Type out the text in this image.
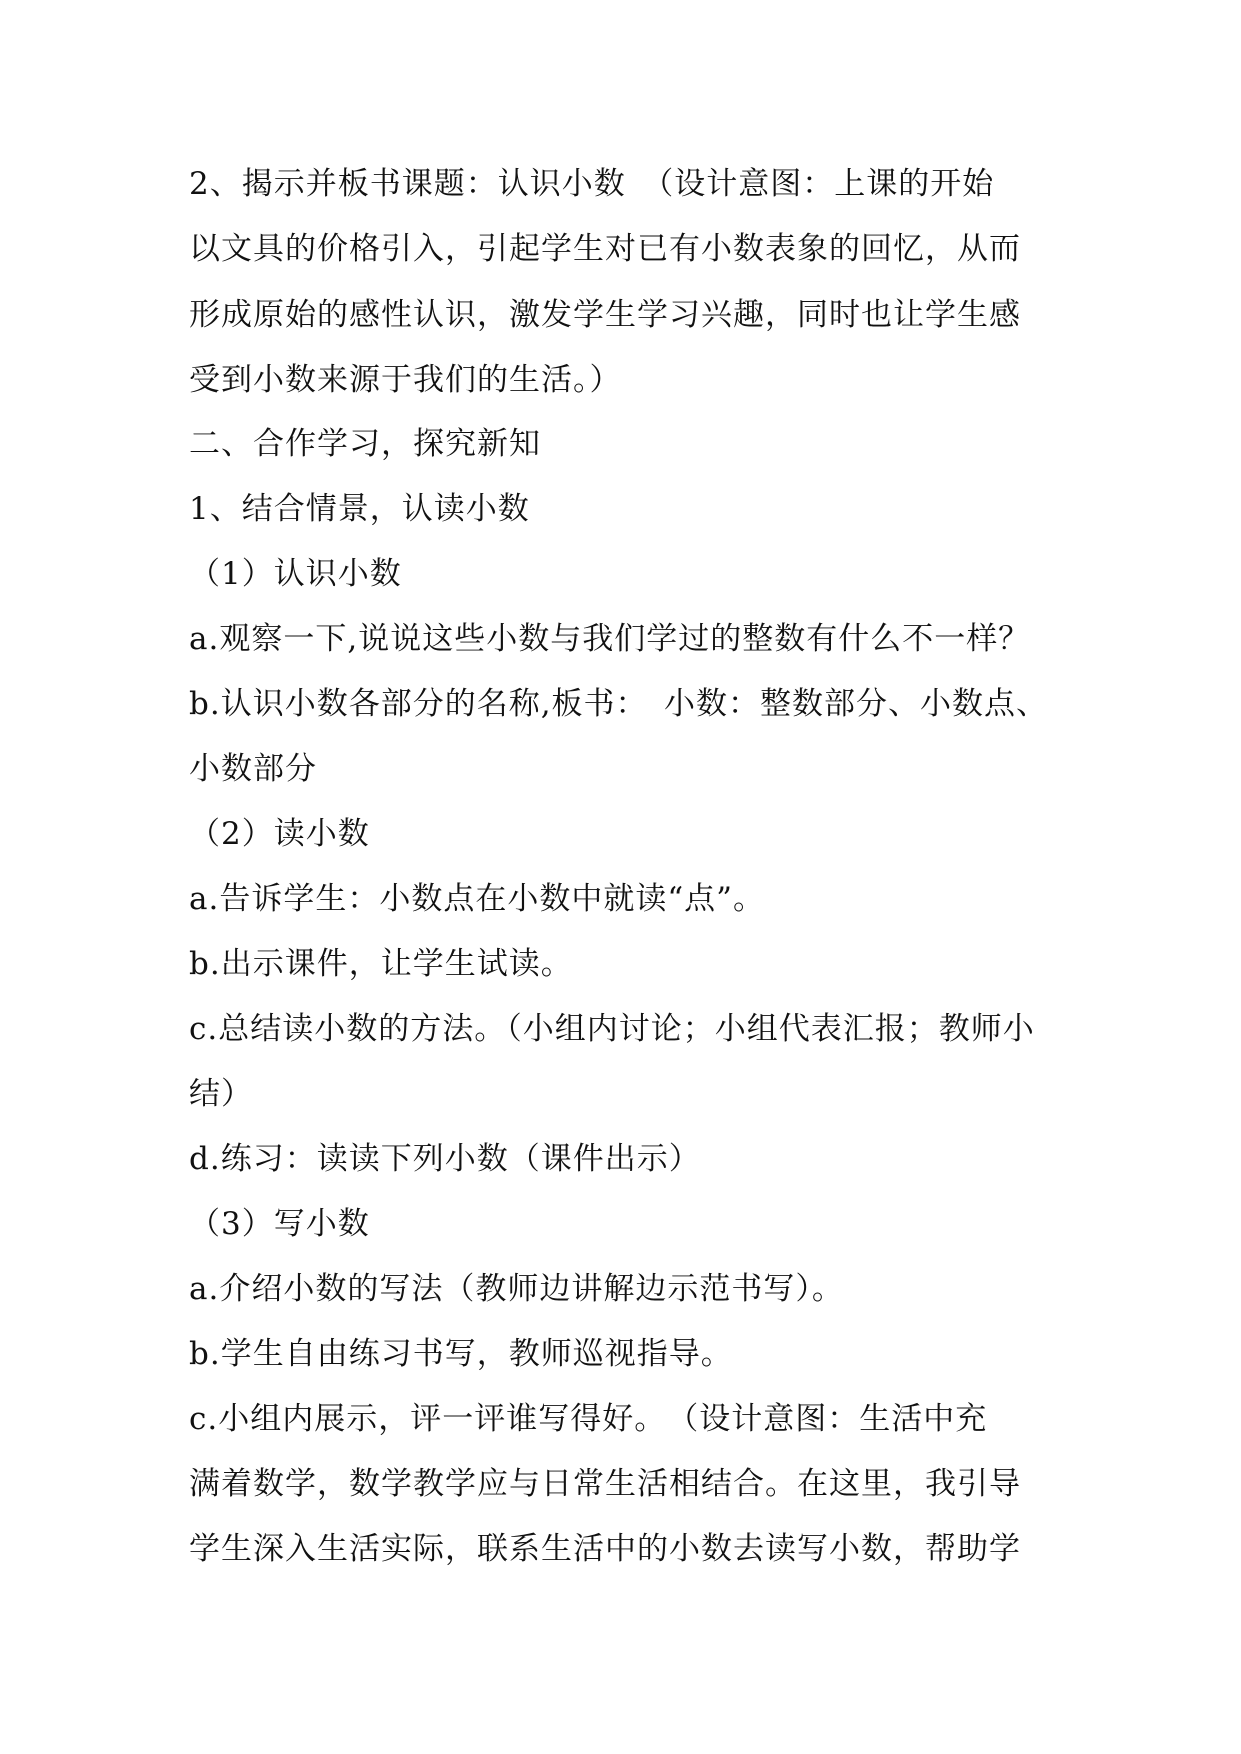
2、揭示并板书课题：认识小数　（设计意图：上课的开始
以文具的价格引入，引起学生对已有小数表象的回忆，从而
形成原始的感性认识，激发学生学习兴趣，同时也让学生感
受到小数来源于我们的生活。）
二、合作学习，探究新知
1、结合情景，认读小数
（1）认识小数
a.观察一下,说说这些小数与我们学过的整数有什么不一样？
b.认识小数各部分的名称,板书：　小数：整数部分、小数点、
小数部分
（2）读小数
a.告诉学生：小数点在小数中就读“点”。
b.出示课件，让学生试读。
c.总结读小数的方法。（小组内讨论；小组代表汇报；教师小
结）
d.练习：读读下列小数（课件出示）
（3）写小数
a.介绍小数的写法（教师边讲解边示范书写）。
b.学生自由练习书写，教师巡视指导。
c.小组内展示，评一评谁写得好。　（设计意图：生活中充
满着数学，数学教学应与日常生活相结合。在这里，我引导
学生深入生活实际，联系生活中的小数去读写小数，帮助学
